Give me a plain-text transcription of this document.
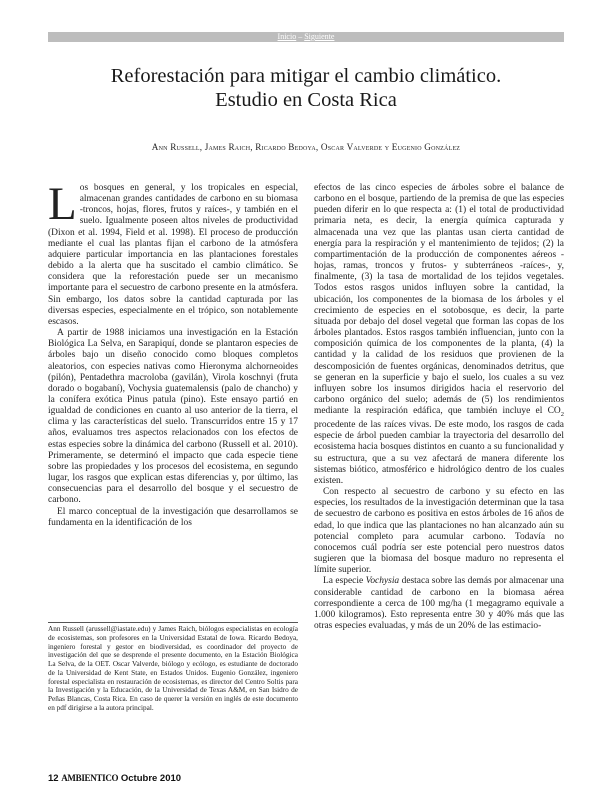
Inicio – Siguiente
Reforestación para mitigar el cambio climático.
Estudio en Costa Rica

Ann Russell, James Raich, Ricardo Bedoya, Oscar Valverde y Eugenio González

Los bosques en general, y los tropicales en especial, almacenan grandes cantidades de carbono en su biomasa -troncos, hojas, flores, frutos y raíces-, y también en el suelo. Igualmente poseen altos niveles de productividad (Dixon et al. 1994, Field et al. 1998). El proceso de producción mediante el cual las plantas fijan el carbono de la atmósfera adquiere particular importancia en las plantaciones forestales debido a la alerta que ha suscitado el cambio climático. Se considera que la reforestación puede ser un mecanismo importante para el secuestro de carbono presente en la atmósfera. Sin embargo, los datos sobre la cantidad capturada por las diversas especies, especialmente en el trópico, son notablemente escasos.

A partir de 1988 iniciamos una investigación en la Estación Biológica La Selva, en Sarapiquí, donde se plantaron especies de árboles bajo un diseño conocido como bloques completos aleatorios, con especies nativas como Hieronyma alchorneoides (pilón), Pentadethra macroloba (gavilán), Virola koschnyi (fruta dorado o bogabaní), Vochysia guatemalensis (palo de chancho) y la conífera exótica Pinus patula (pino). Este ensayo partió en igualdad de condiciones en cuanto al uso anterior de la tierra, el clima y las características del suelo. Transcurridos entre 15 y 17 años, evaluamos tres aspectos relacionados con los efectos de estas especies sobre la dinámica del carbono (Russell et al. 2010). Primeramente, se determinó el impacto que cada especie tiene sobre las propiedades y los procesos del ecosistema, en segundo lugar, los rasgos que explican estas diferencias y, por último, las consecuencias para el desarrollo del bosque y el secuestro de carbono.

El marco conceptual de la investigación que desarrollamos se fundamenta en la identificación de los

Ann Russell (arussell@iastate.edu) y James Raich, biólogos especialistas en ecología de ecosistemas, son profesores en la Universidad Estatal de Iowa. Ricardo Bedoya, ingeniero forestal y gestor en biodiversidad, es coordinador del proyecto de investigación del que se desprende el presente documento, en la Estación Biológica La Selva, de la OET. Oscar Valverde, biólogo y ecólogo, es estudiante de doctorado de la Universidad de Kent State, en Estados Unidos. Eugenio González, ingeniero forestal especialista en restauración de ecosistemas, es director del Centro Soltis para la Investigación y la Educación, de la Universidad de Texas A&M, en San Isidro de Peñas Blancas, Costa Rica. En caso de querer la versión en inglés de este documento en pdf dirigirse a la autora principal.

efectos de las cinco especies de árboles sobre el balance de carbono en el bosque, partiendo de la premisa de que las especies pueden diferir en lo que respecta a: (1) el total de productividad primaria neta, es decir, la energía química capturada y almacenada una vez que las plantas usan cierta cantidad de energía para la respiración y el mantenimiento de tejidos; (2) la compartimentación de la producción de componentes aéreos -hojas, ramas, troncos y frutos- y subterráneos -raíces-, y, finalmente, (3) la tasa de mortalidad de los tejidos vegetales. Todos estos rasgos unidos influyen sobre la cantidad, la ubicación, los componentes de la biomasa de los árboles y el crecimiento de especies en el sotobosque, es decir, la parte situada por debajo del dosel vegetal que forman las copas de los árboles plantados. Estos rasgos también influencian, junto con la composición química de los componentes de la planta, (4) la cantidad y la calidad de los residuos que provienen de la descomposición de fuentes orgánicas, denominados detritus, que se generan en la superficie y bajo el suelo, los cuales a su vez influyen sobre los insumos dirigidos hacia el reservorio del carbono orgánico del suelo; además de (5) los rendimientos mediante la respiración edáfica, que también incluye el $CO_2$ procedente de las raíces vivas. De este modo, los rasgos de cada especie de árbol pueden cambiar la trayectoria del desarrollo del ecosistema hacia bosques distintos en cuanto a su funcionalidad y su estructura, que a su vez afectará de manera diferente los sistemas biótico, atmosférico e hidrológico dentro de los cuales existen.

Con respecto al secuestro de carbono y su efecto en las especies, los resultados de la investigación determinan que la tasa de secuestro de carbono es positiva en estos árboles de 16 años de edad, lo que indica que las plantaciones no han alcanzado aún su potencial completo para acumular carbono. Todavía no conocemos cuál podría ser este potencial pero nuestros datos sugieren que la biomasa del bosque maduro no representa el límite superior.

La especie Vochysia destaca sobre las demás por almacenar una considerable cantidad de carbono en la biomasa aérea correspondiente a cerca de 100 mg/ha (1 megagramo equivale a 1.000 kilogramos). Esto representa entre 30 y 40% más que las otras especies evaluadas, y más de un 20% de las estimacio-

12 AMBIENTICO Octubre 2010
